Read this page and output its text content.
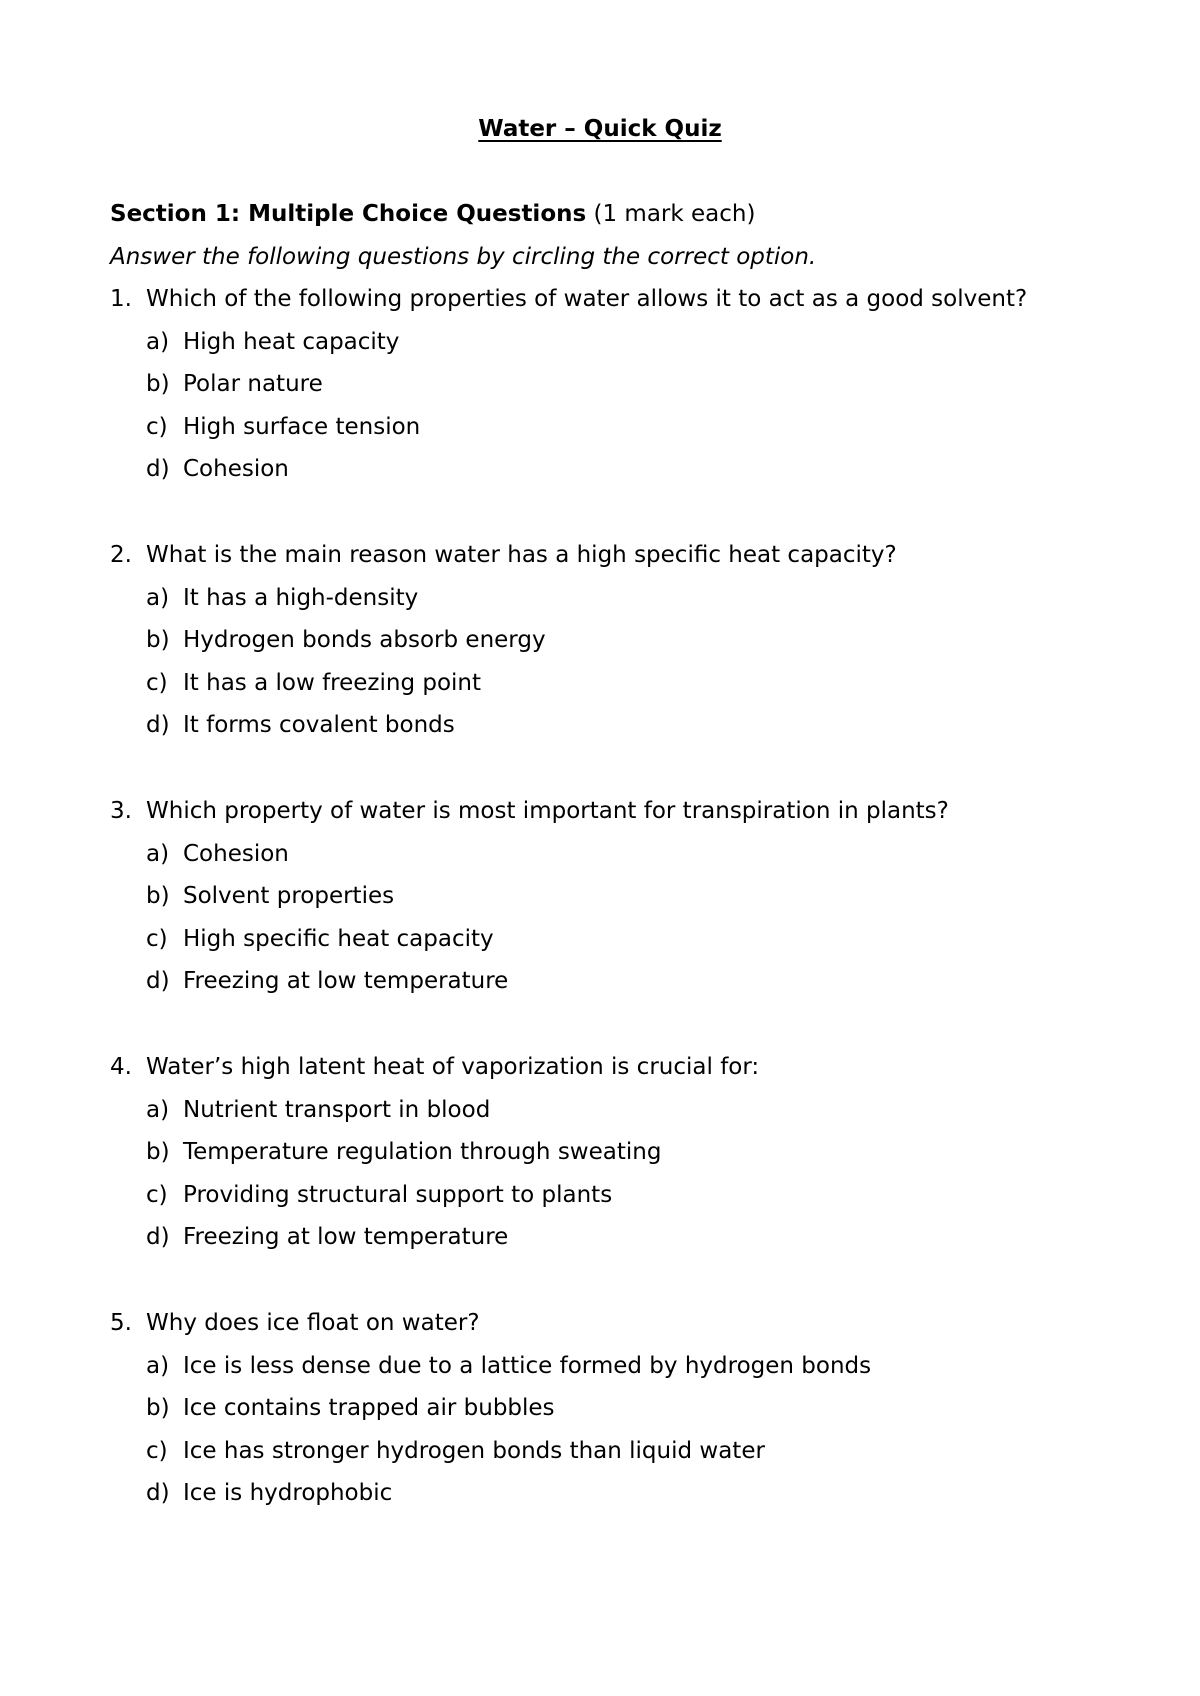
Water – Quick Quiz
Section 1: Multiple Choice Questions (1 mark each)
Answer the following questions by circling the correct option.
1. Which of the following properties of water allows it to act as a good solvent?
a) High heat capacity
b) Polar nature
c) High surface tension
d) Cohesion
2. What is the main reason water has a high specific heat capacity?
a) It has a high-density
b) Hydrogen bonds absorb energy
c) It has a low freezing point
d) It forms covalent bonds
3. Which property of water is most important for transpiration in plants?
a) Cohesion
b) Solvent properties
c) High specific heat capacity
d) Freezing at low temperature
4. Water’s high latent heat of vaporization is crucial for:
a) Nutrient transport in blood
b) Temperature regulation through sweating
c) Providing structural support to plants
d) Freezing at low temperature
5. Why does ice float on water?
a) Ice is less dense due to a lattice formed by hydrogen bonds
b) Ice contains trapped air bubbles
c) Ice has stronger hydrogen bonds than liquid water
d) Ice is hydrophobic
